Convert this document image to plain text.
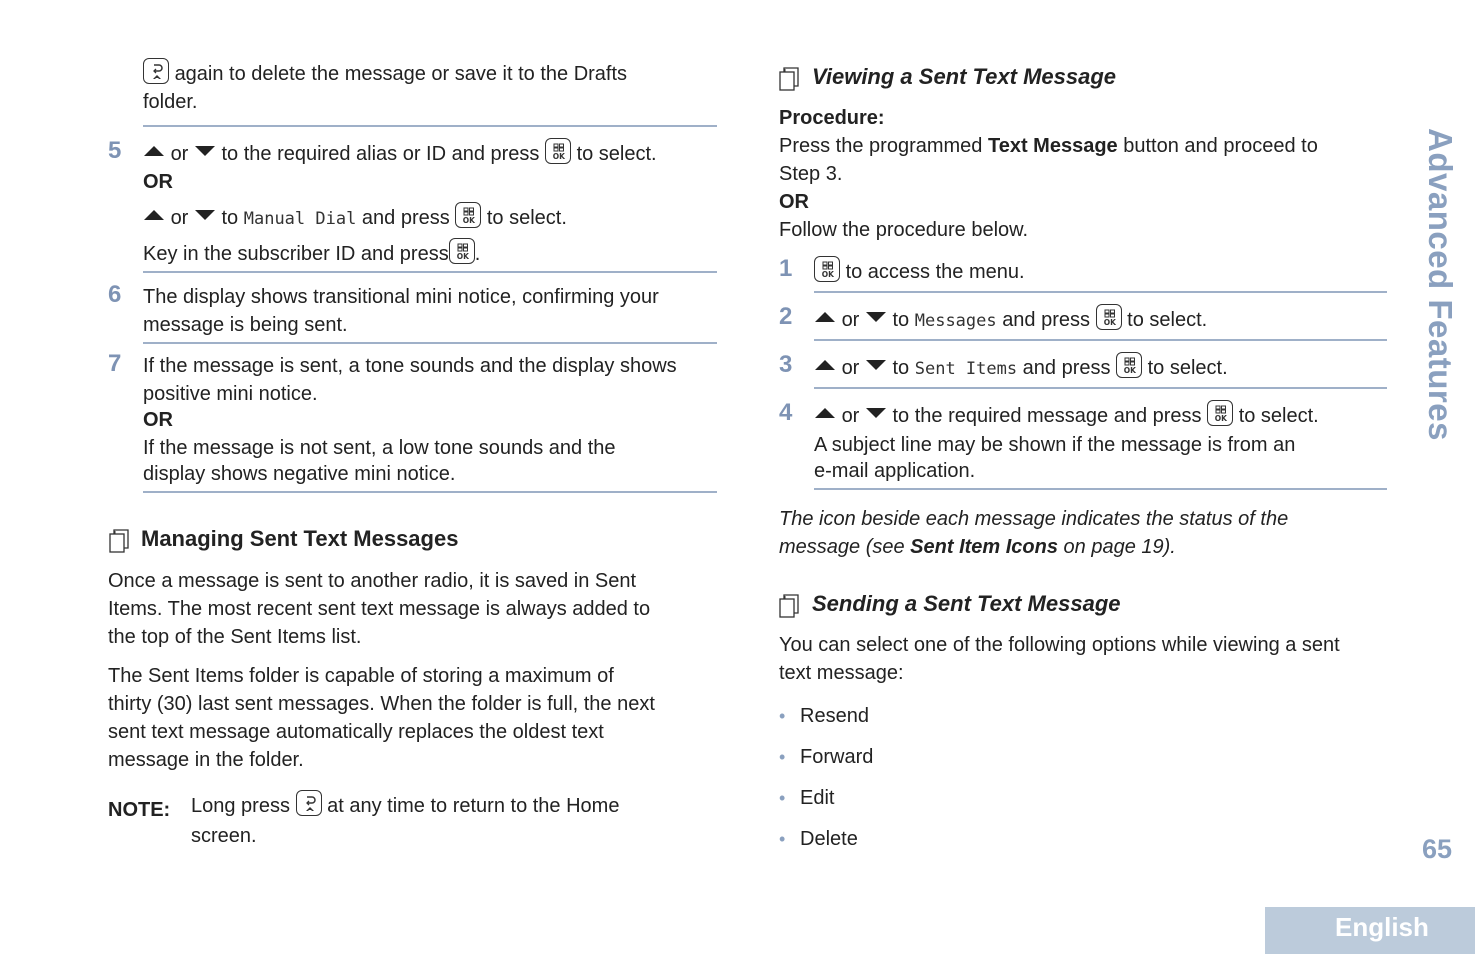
again to delete the message or save it to the Drafts
folder.
5	or to the required alias or ID and press to select.
OR
or to Manual Dial and press to select.
Key in the subscriber ID and press .
6 The display shows transitional mini notice, confirming your
message is being sent.
7 If the message is sent, a tone sounds and the display shows
positive mini notice.
OR
If the message is not sent, a low tone sounds and the
display shows negative mini notice.
Managing Sent Text Messages
Once a message is sent to another radio, it is saved in Sent
Items. The most recent sent text message is always added to
the top of the Sent Items list.
The Sent Items folder is capable of storing a maximum of
thirty (30) last sent messages. When the folder is full, the next
sent text message automatically replaces the oldest text
message in the folder.
NOTE: Long press at any time to return to the Home
screen.
Viewing a Sent Text Message
Procedure:
Press the programmed Text Message button and proceed to
Step 3.
OR
Follow the procedure below.
1	to access the menu.
2	or to Messages and press to select.
3	or to Sent Items and press to select.
4	or to the required message and press to select.
A subject line may be shown if the message is from an
e-mail application.
The icon beside each message indicates the status of the
message (see Sent Item Icons on page 19).
Sending a Sent Text Message
You can select one of the following options while viewing a sent
text message:
• Resend
• Forward
• Edit
• Delete
Advanced Features
65
English
